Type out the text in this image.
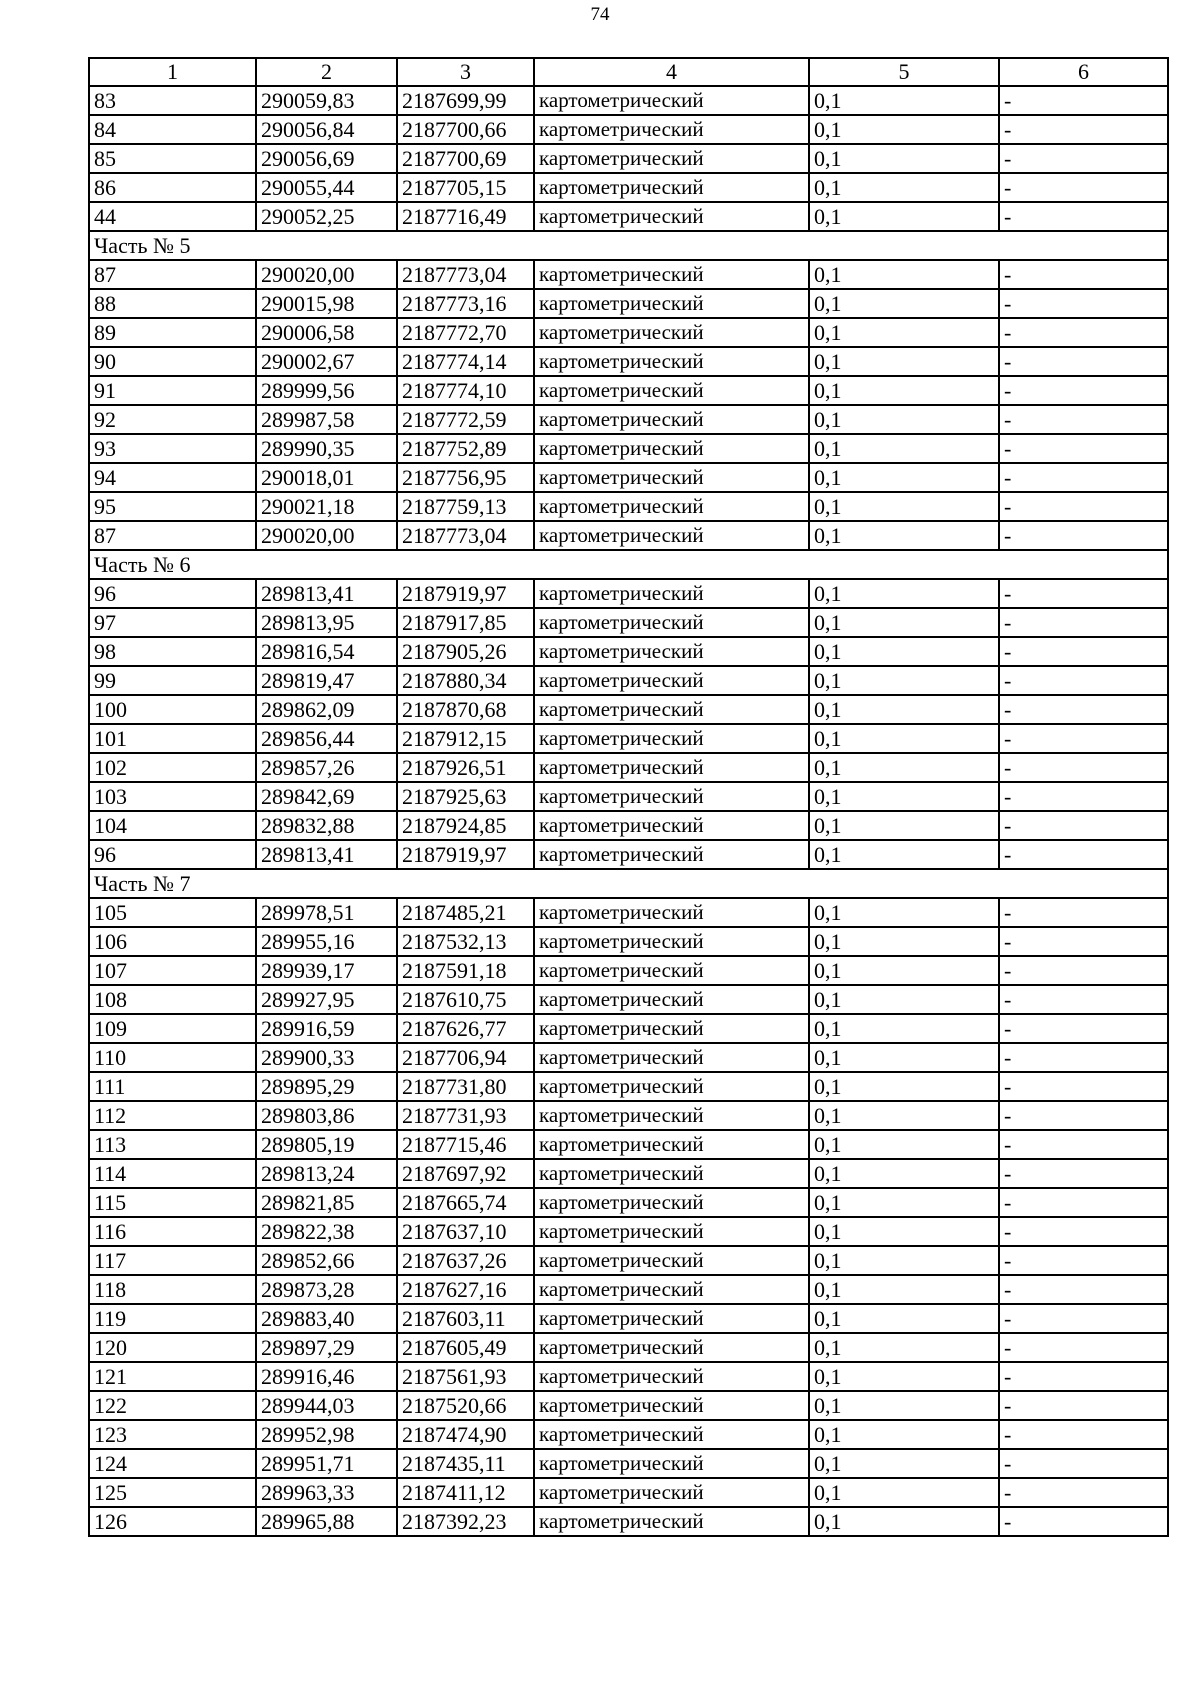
74
1	2	3	4	5	6
83	290059,83	2187699,99	картометрический	0,1	-
84	290056,84	2187700,66	картометрический	0,1	-
85	290056,69	2187700,69	картометрический	0,1	-
86	290055,44	2187705,15	картометрический	0,1	-
44	290052,25	2187716,49	картометрический	0,1	-
Часть № 5					
87	290020,00	2187773,04	картометрический	0,1	-
88	290015,98	2187773,16	картометрический	0,1	-
89	290006,58	2187772,70	картометрический	0,1	-
90	290002,67	2187774,14	картометрический	0,1	-
91	289999,56	2187774,10	картометрический	0,1	-
92	289987,58	2187772,59	картометрический	0,1	-
93	289990,35	2187752,89	картометрический	0,1	-
94	290018,01	2187756,95	картометрический	0,1	-
95	290021,18	2187759,13	картометрический	0,1	-
87	290020,00	2187773,04	картометрический	0,1	-
Часть № 6					
96	289813,41	2187919,97	картометрический	0,1	-
97	289813,95	2187917,85	картометрический	0,1	-
98	289816,54	2187905,26	картометрический	0,1	-
99	289819,47	2187880,34	картометрический	0,1	-
100	289862,09	2187870,68	картометрический	0,1	-
101	289856,44	2187912,15	картометрический	0,1	-
102	289857,26	2187926,51	картометрический	0,1	-
103	289842,69	2187925,63	картометрический	0,1	-
104	289832,88	2187924,85	картометрический	0,1	-
96	289813,41	2187919,97	картометрический	0,1	-
Часть № 7					
105	289978,51	2187485,21	картометрический	0,1	-
106	289955,16	2187532,13	картометрический	0,1	-
107	289939,17	2187591,18	картометрический	0,1	-
108	289927,95	2187610,75	картометрический	0,1	-
109	289916,59	2187626,77	картометрический	0,1	-
110	289900,33	2187706,94	картометрический	0,1	-
111	289895,29	2187731,80	картометрический	0,1	-
112	289803,86	2187731,93	картометрический	0,1	-
113	289805,19	2187715,46	картометрический	0,1	-
114	289813,24	2187697,92	картометрический	0,1	-
115	289821,85	2187665,74	картометрический	0,1	-
116	289822,38	2187637,10	картометрический	0,1	-
117	289852,66	2187637,26	картометрический	0,1	-
118	289873,28	2187627,16	картометрический	0,1	-
119	289883,40	2187603,11	картометрический	0,1	-
120	289897,29	2187605,49	картометрический	0,1	-
121	289916,46	2187561,93	картометрический	0,1	-
122	289944,03	2187520,66	картометрический	0,1	-
123	289952,98	2187474,90	картометрический	0,1	-
124	289951,71	2187435,11	картометрический	0,1	-
125	289963,33	2187411,12	картометрический	0,1	-
126	289965,88	2187392,23	картометрический	0,1	-
